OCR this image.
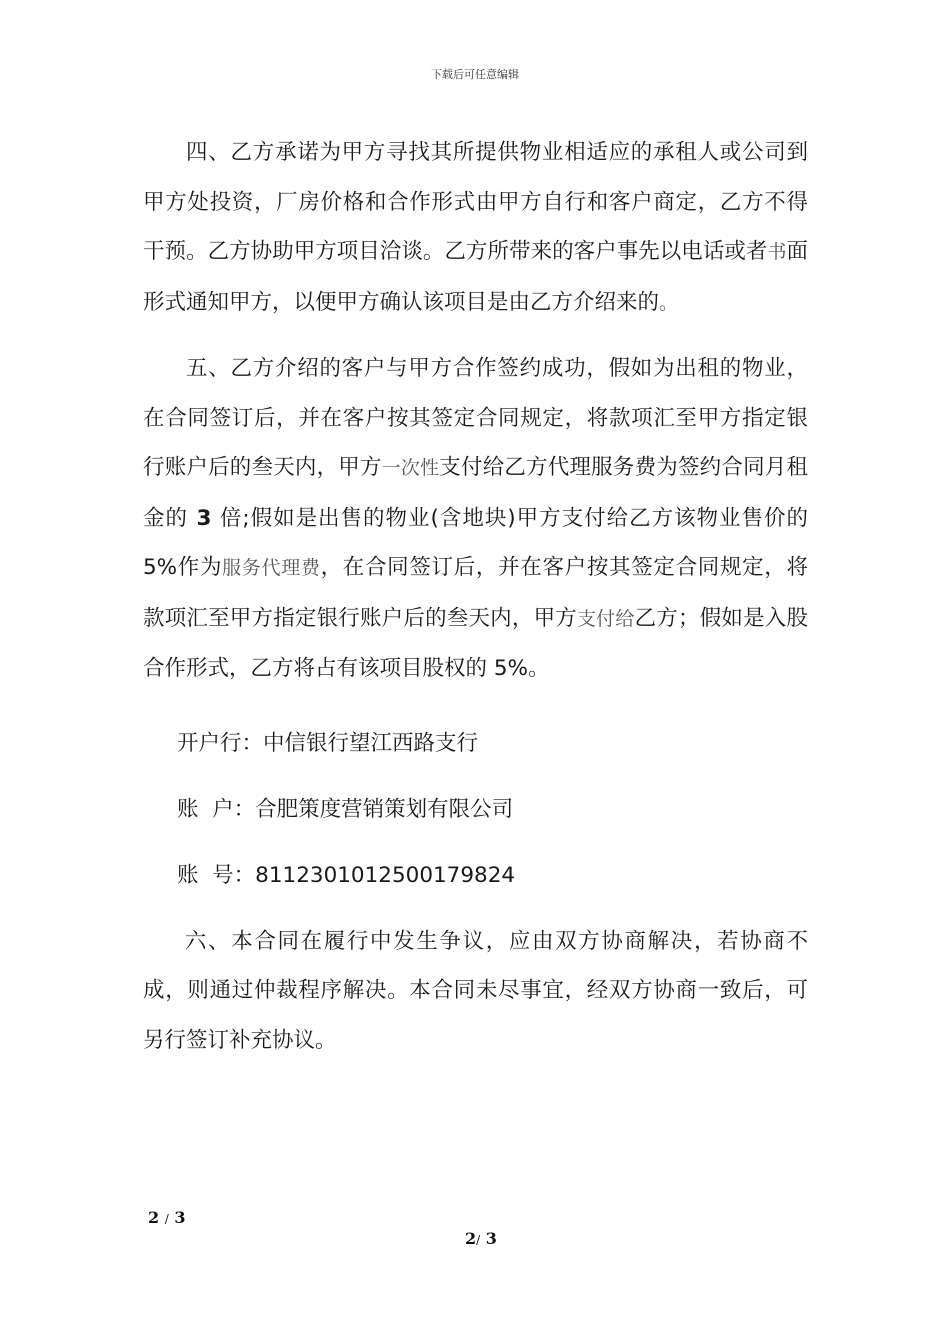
下载后可任意编辑

四、乙方承诺为甲方寻找其所提供物业相适应的承租人或公司到甲方处投资，厂房价格和合作形式由甲方自行和客户商定，乙方不得干预。乙方协助甲方项目洽谈。乙方所带来的客户事先以电话或者书面形式通知甲方，以便甲方确认该项目是由乙方介绍来的。

五、乙方介绍的客户与甲方合作签约成功，假如为出租的物业，在合同签订后，并在客户按其签定合同规定，将款项汇至甲方指定银行账户后的叁天内，甲方一次性支付给乙方代理服务费为签约合同月租金的 3 倍;假如是出售的物业(含地块)甲方支付给乙方该物业售价的 5%作为服务代理费，在合同签订后，并在客户按其签定合同规定，将款项汇至甲方指定银行账户后的叁天内，甲方支付给乙方；假如是入股合作形式，乙方将占有该项目股权的 5%。

开户行：中信银行望江西路支行
账  户：合肥策度营销策划有限公司
账  号：8112301012500179824

六、本合同在履行中发生争议，应由双方协商解决，若协商不成，则通过仲裁程序解决。本合同未尽事宜，经双方协商一致后，可另行签订补充协议。

2 / 3
2/ 3
